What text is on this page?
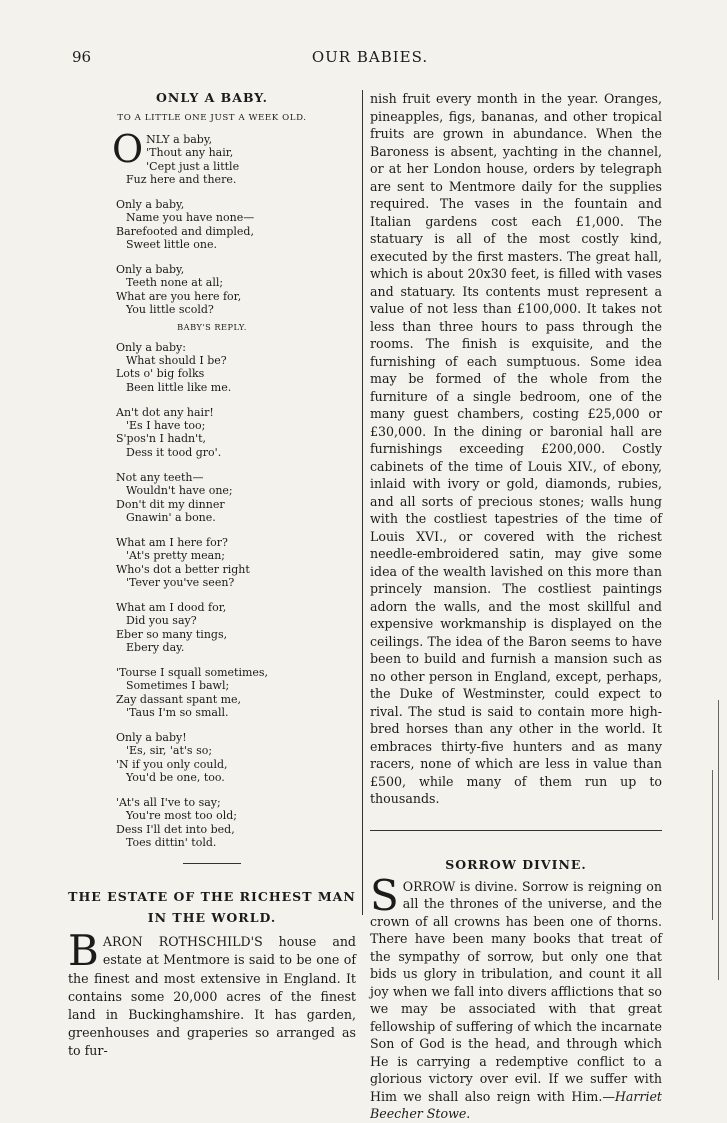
96	OUR BABIES.
ONLY A BABY.
TO A LITTLE ONE JUST A WEEK OLD.
O NLY a baby,
'Thout any hair,
'Cept just a little
Fuz here and there.
Only a baby,
Name you have none—
Barefooted and dimpled,
Sweet little one.
Only a baby,
Teeth none at all;
What are you here for,
You little scold?
BABY'S REPLY.
Only a baby:
What should I be?
Lots o' big folks
Been little like me.
An't dot any hair!
'Es I have too;
S'pos'n I hadn't,
Dess it tood gro'.
Not any teeth—
Wouldn't have one;
Don't dit my dinner
Gnawin' a bone.
What am I here for?
'At's pretty mean;
Who's dot a better right
'Tever you've seen?
What am I dood for,
Did you say?
Eber so many tings,
Ebery day.
'Tourse I squall sometimes,
Sometimes I bawl;
Zay dassant spant me,
'Taus I'm so small.
Only a baby!
'Es, sir, 'at's so;
'N if you only could,
You'd be one, too.
'At's all I've to say;
You're most too old;
Dess I'll det into bed,
Toes dittin' told.
THE ESTATE OF THE RICHEST MAN
IN THE WORLD.
BARON ROTHSCHILD'S house and estate at Mentmore is said to be one of the finest and most extensive in England. It contains some 20,000 acres of the finest land in Buckinghamshire. It has garden, greenhouses and graperies so arranged as to fur-
nish fruit every month in the year. Oranges, pineapples, figs, bananas, and other tropical fruits are grown in abundance. When the Baroness is absent, yachting in the channel, or at her London house, orders by telegraph are sent to Mentmore daily for the supplies required. The vases in the fountain and Italian gardens cost each £1,000. The statuary is all of the most costly kind, executed by the first masters. The great hall, which is about 20x30 feet, is filled with vases and statuary. Its contents must represent a value of not less than £100,000. It takes not less than three hours to pass through the rooms. The finish is exquisite, and the furnishing of each sumptuous. Some idea may be formed of the whole from the furniture of a single bedroom, one of the many guest chambers, costing £25,000 or £30,000. In the dining or baronial hall are furnishings exceeding £200,000. Costly cabinets of the time of Louis XIV., of ebony, inlaid with ivory or gold, diamonds, rubies, and all sorts of precious stones; walls hung with the costliest tapestries of the time of Louis XVI., or covered with the richest needle-embroidered satin, may give some idea of the wealth lavished on this more than princely mansion. The costliest paintings adorn the walls, and the most skillful and expensive workmanship is displayed on the ceilings. The idea of the Baron seems to have been to build and furnish a mansion such as no other person in England, except, perhaps, the Duke of Westminster, could expect to rival. The stud is said to contain more high-bred horses than any other in the world. It embraces thirty-five hunters and as many racers, none of which are less in value than £500, while many of them run up to thousands.
SORROW DIVINE.
SORROW is divine. Sorrow is reigning on all the thrones of the universe, and the crown of all crowns has been one of thorns. There have been many books that treat of the sympathy of sorrow, but only one that bids us glory in tribulation, and count it all joy when we fall into divers afflictions that so we may be associated with that great fellowship of suffering of which the incarnate Son of God is the head, and through which He is carrying a redemptive conflict to a glorious victory over evil. If we suffer with Him we shall also reign with Him.—Harriet Beecher Stowe.
